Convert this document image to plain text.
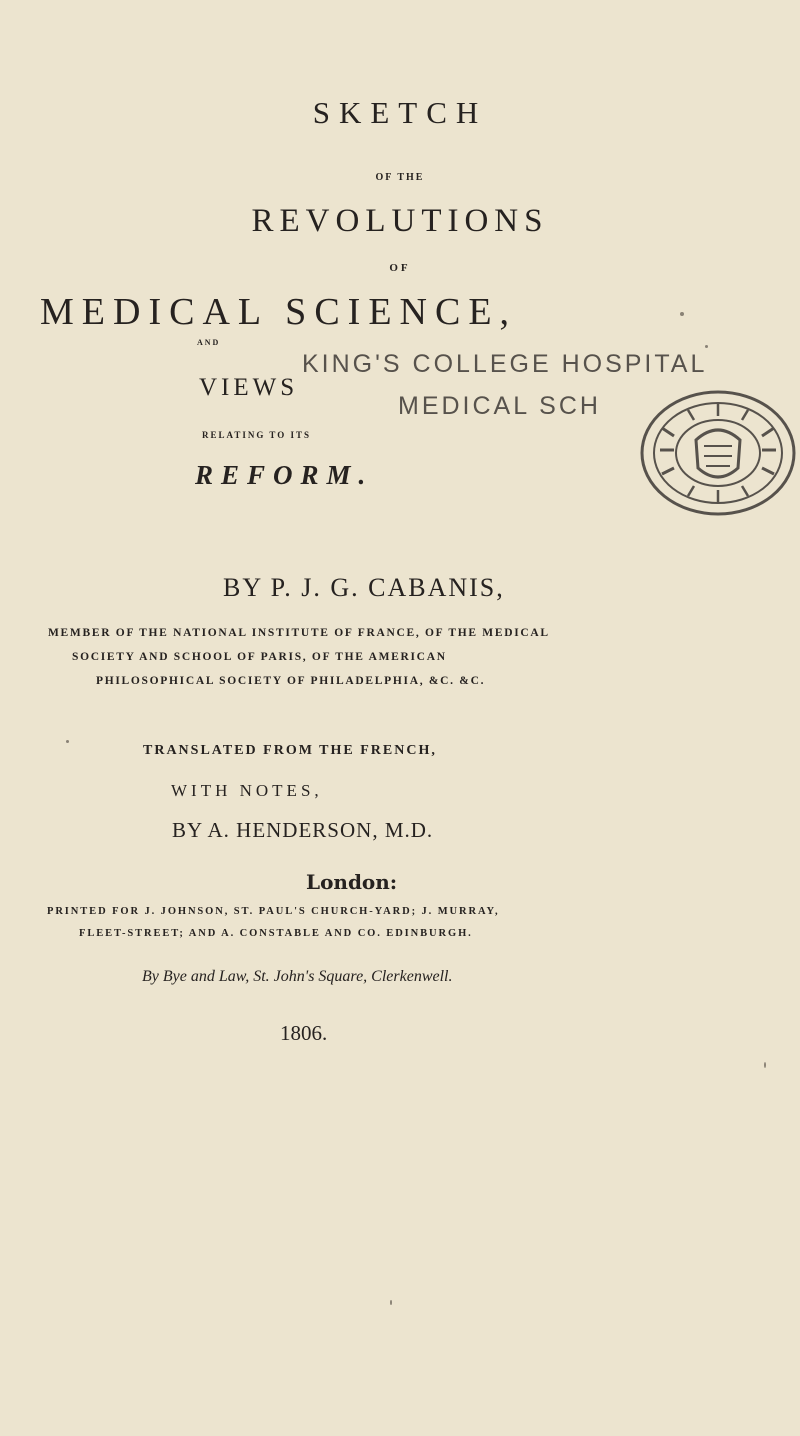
SKETCH
OF THE
REVOLUTIONS
OF
MEDICAL SCIENCE,
AND
VIEWS
RELATING TO ITS
REFORM.
KING'S COLLEGE HOSPITAL
MEDICAL SCH
BY P. J. G. CABANIS,
MEMBER OF THE NATIONAL INSTITUTE OF FRANCE, OF THE MEDICAL
SOCIETY AND SCHOOL OF PARIS, OF THE AMERICAN
PHILOSOPHICAL SOCIETY OF PHILADELPHIA, &C. &C.
TRANSLATED FROM THE FRENCH,
WITH NOTES,
BY A. HENDERSON, M.D.
London:
PRINTED FOR J. JOHNSON, ST. PAUL'S CHURCH-YARD; J. MURRAY,
FLEET-STREET; AND A. CONSTABLE AND CO. EDINBURGH.
By Bye and Law, St. John's Square, Clerkenwell.
1806.
